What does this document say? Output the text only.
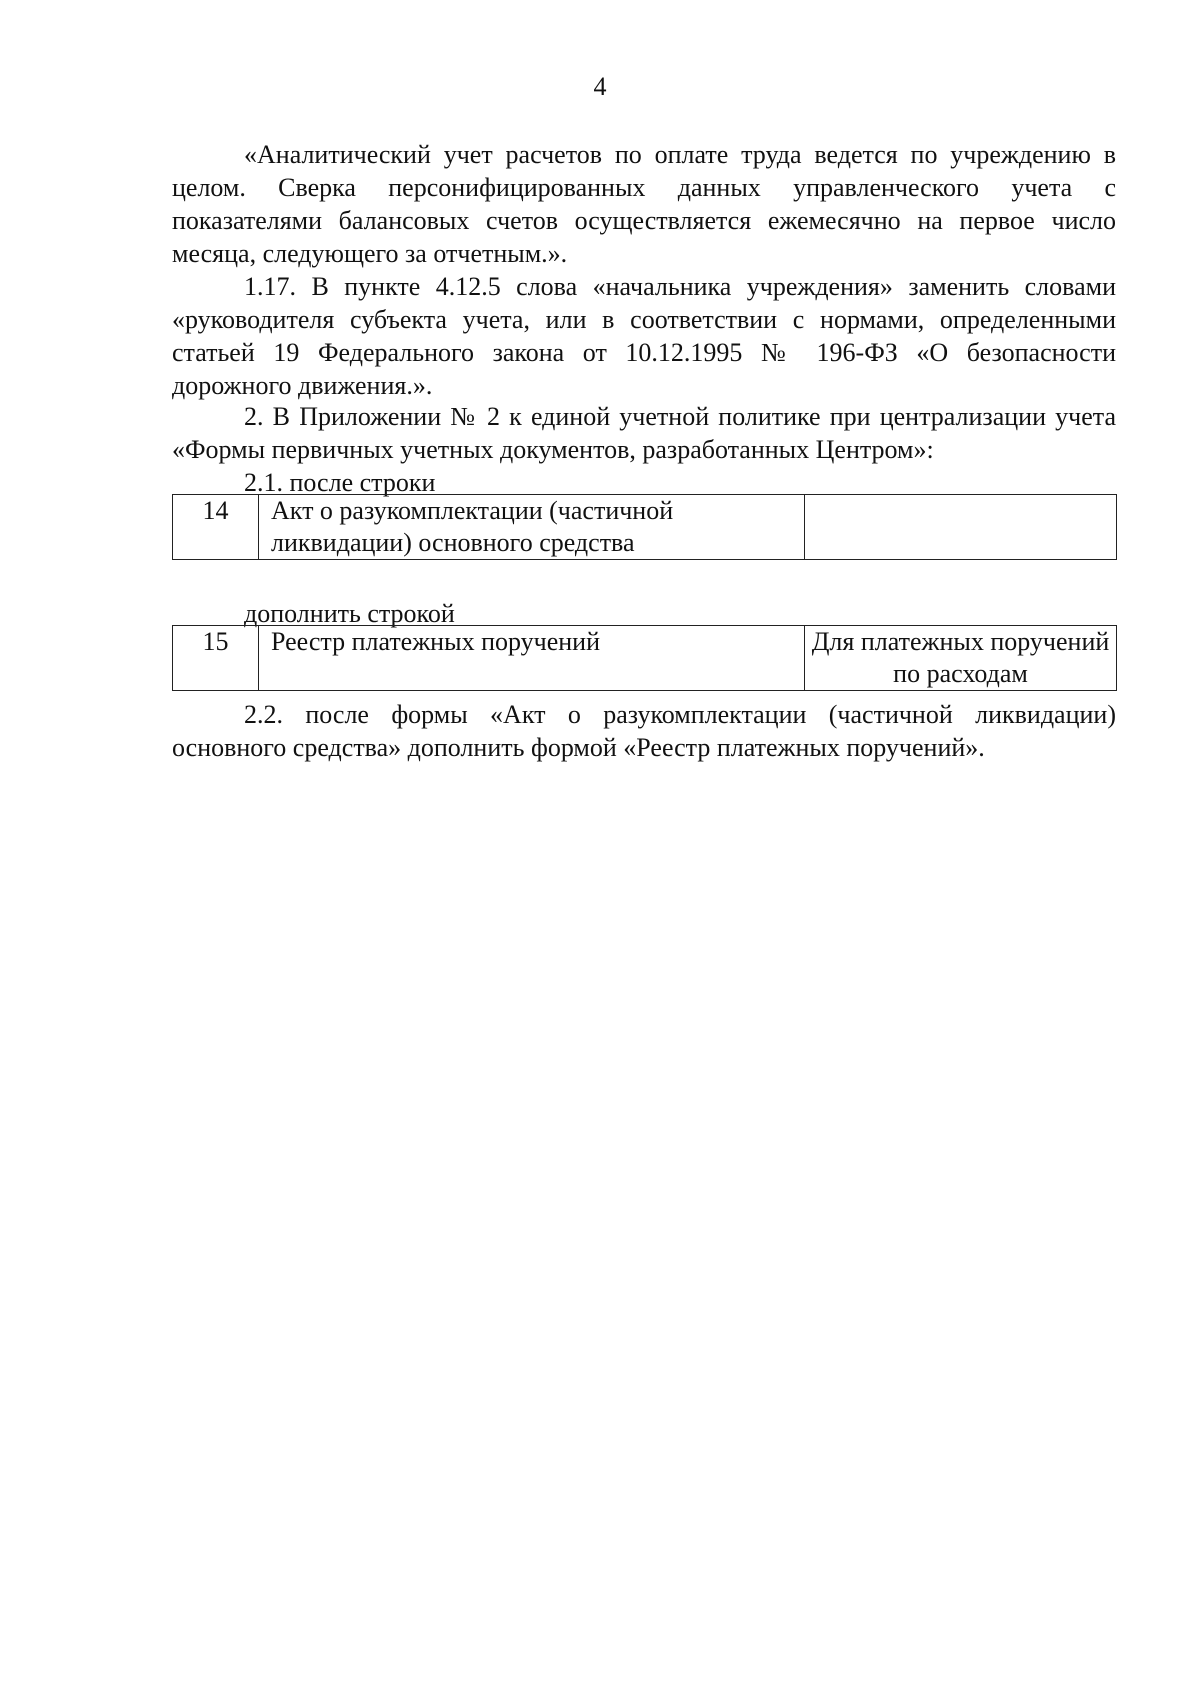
4

«Аналитический учет расчетов по оплате труда ведется по учреждению в целом. Сверка персонифицированных данных управленческого учета с показателями балансовых счетов осуществляется ежемесячно на первое число месяца, следующего за отчетным.».

1.17. В пункте 4.12.5 слова «начальника учреждения» заменить словами «руководителя субъекта учета, или в соответствии с нормами, определенными статьей 19 Федерального закона от 10.12.1995 № 196-ФЗ «О безопасности дорожного движения.».

2. В Приложении № 2 к единой учетной политике при централизации учета «Формы первичных учетных документов, разработанных Центром»:

2.1. после строки
14	Акт о разукомплектации (частичной ликвидации) основного средства	
дополнить строкой
15	Реестр платежных поручений	Для платежных поручений по расходам

2.2. после формы «Акт о разукомплектации (частичной ликвидации) основного средства» дополнить формой «Реестр платежных поручений».
